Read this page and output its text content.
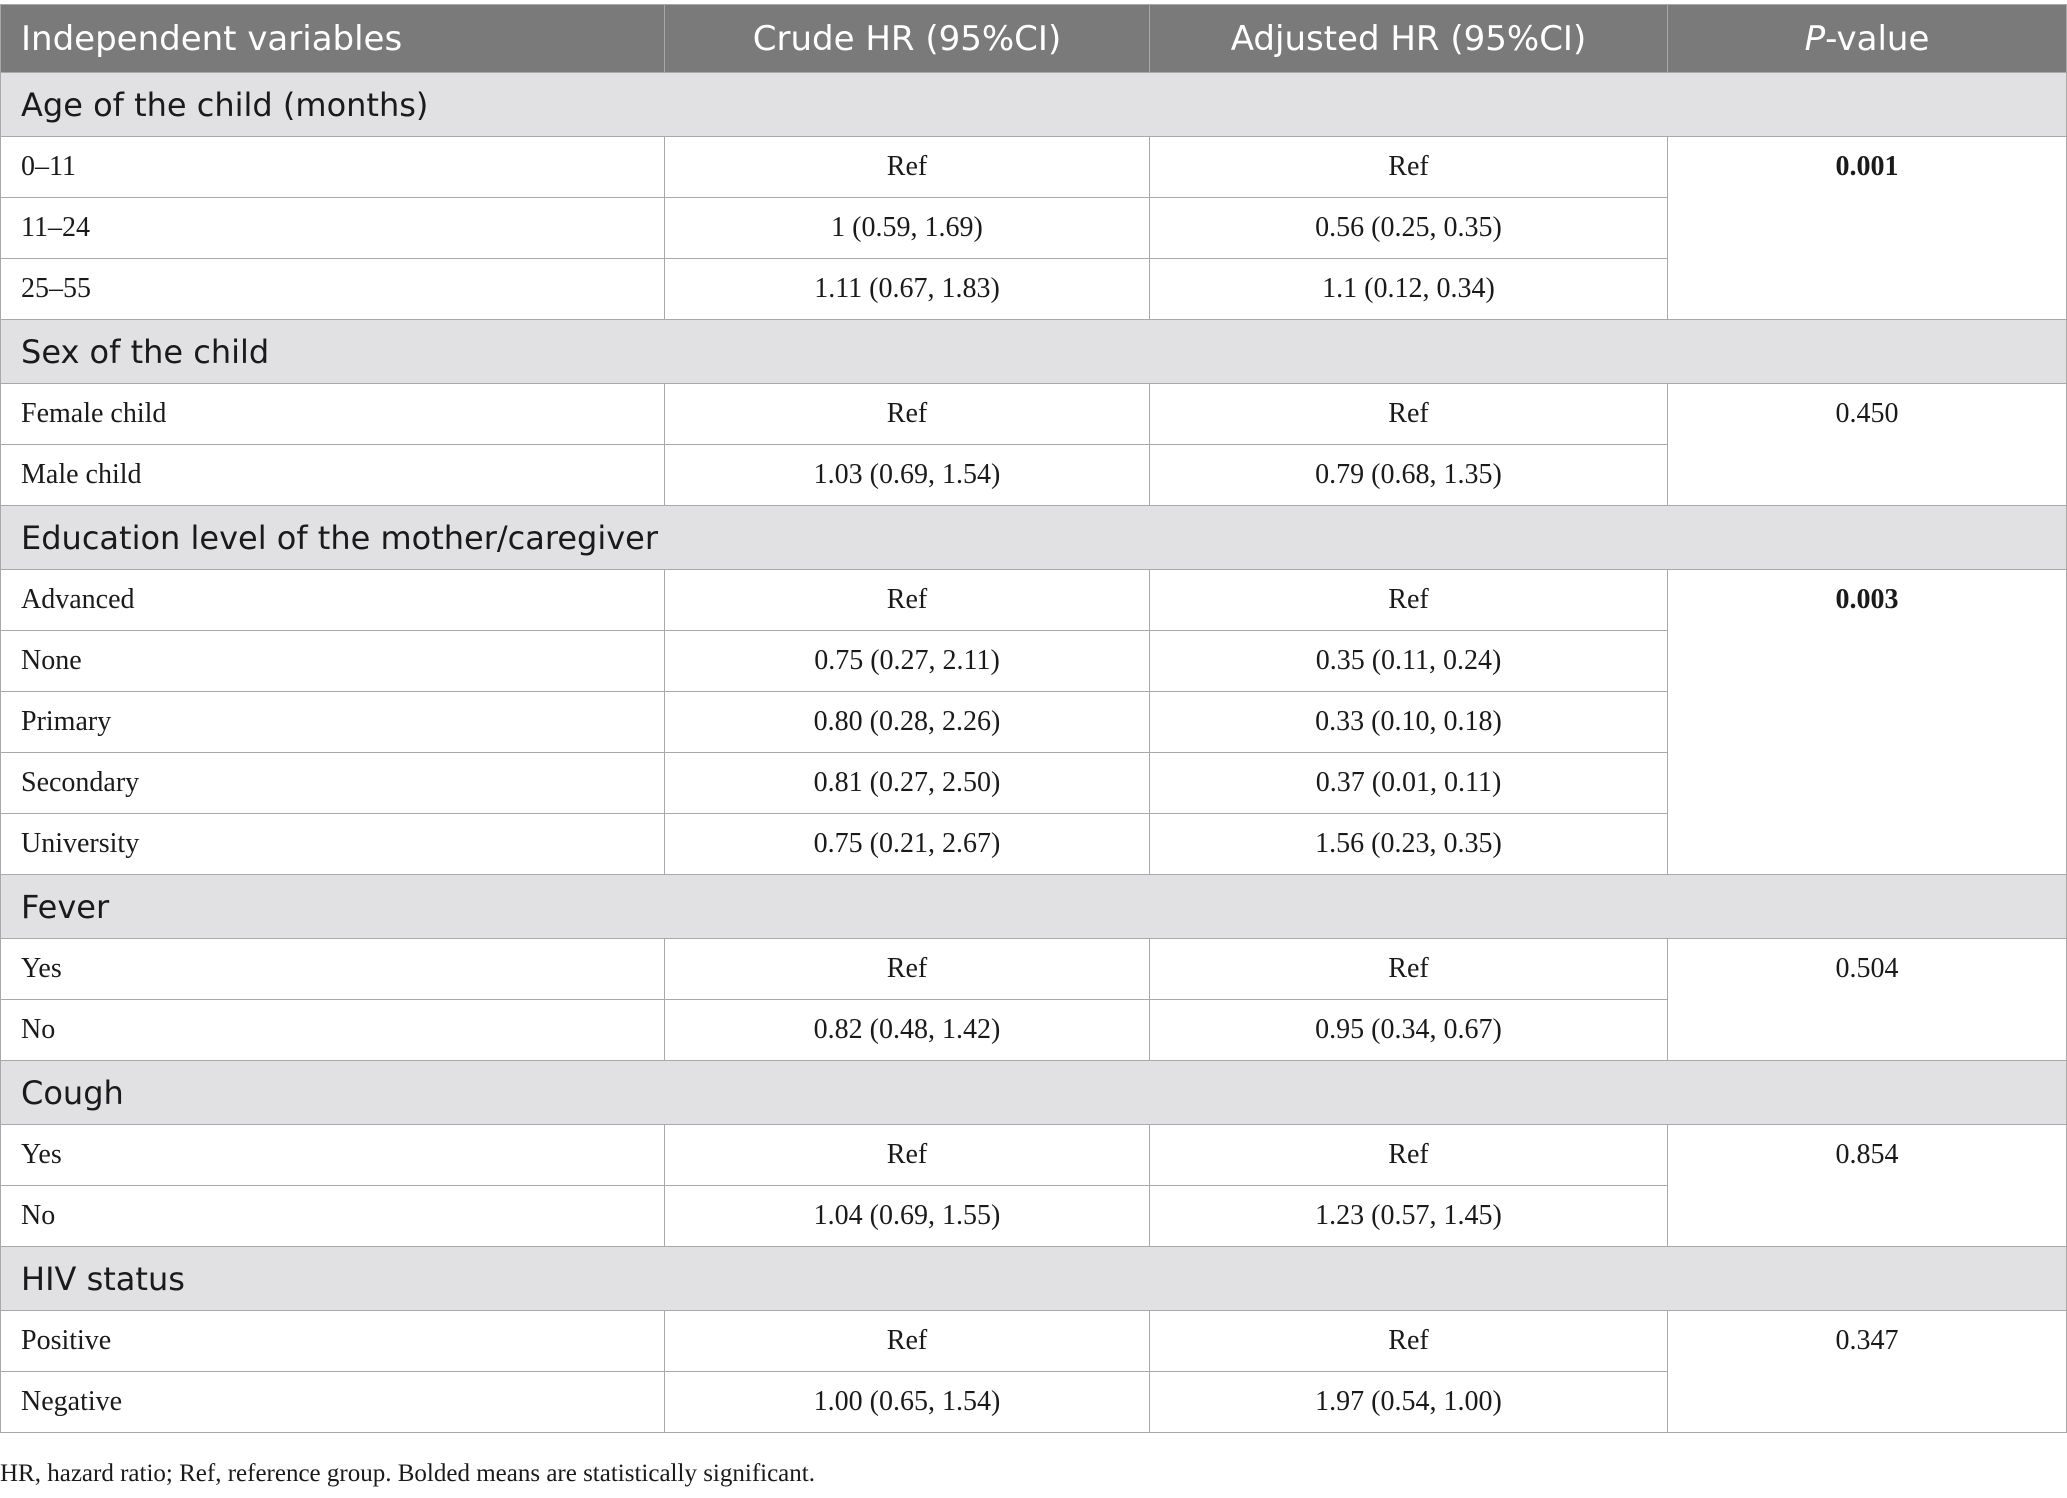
Independent variables	Crude HR (95%CI)	Adjusted HR (95%CI)	P-value
Age of the child (months)			
0–11	Ref	Ref	0.001
11–24	1 (0.59, 1.69)	0.56 (0.25, 0.35)	
25–55	1.11 (0.67, 1.83)	1.1 (0.12, 0.34)	
Sex of the child			
Female child	Ref	Ref	0.450
Male child	1.03 (0.69, 1.54)	0.79 (0.68, 1.35)	
Education level of the mother/caregiver			
Advanced	Ref	Ref	0.003
None	0.75 (0.27, 2.11)	0.35 (0.11, 0.24)	
Primary	0.80 (0.28, 2.26)	0.33 (0.10, 0.18)	
Secondary	0.81 (0.27, 2.50)	0.37 (0.01, 0.11)	
University	0.75 (0.21, 2.67)	1.56 (0.23, 0.35)	
Fever			
Yes	Ref	Ref	0.504
No	0.82 (0.48, 1.42)	0.95 (0.34, 0.67)	
Cough			
Yes	Ref	Ref	0.854
No	1.04 (0.69, 1.55)	1.23 (0.57, 1.45)	
HIV status			
Positive	Ref	Ref	0.347
Negative	1.00 (0.65, 1.54)	1.97 (0.54, 1.00)	
HR, hazard ratio; Ref, reference group. Bolded means are statistically significant.
